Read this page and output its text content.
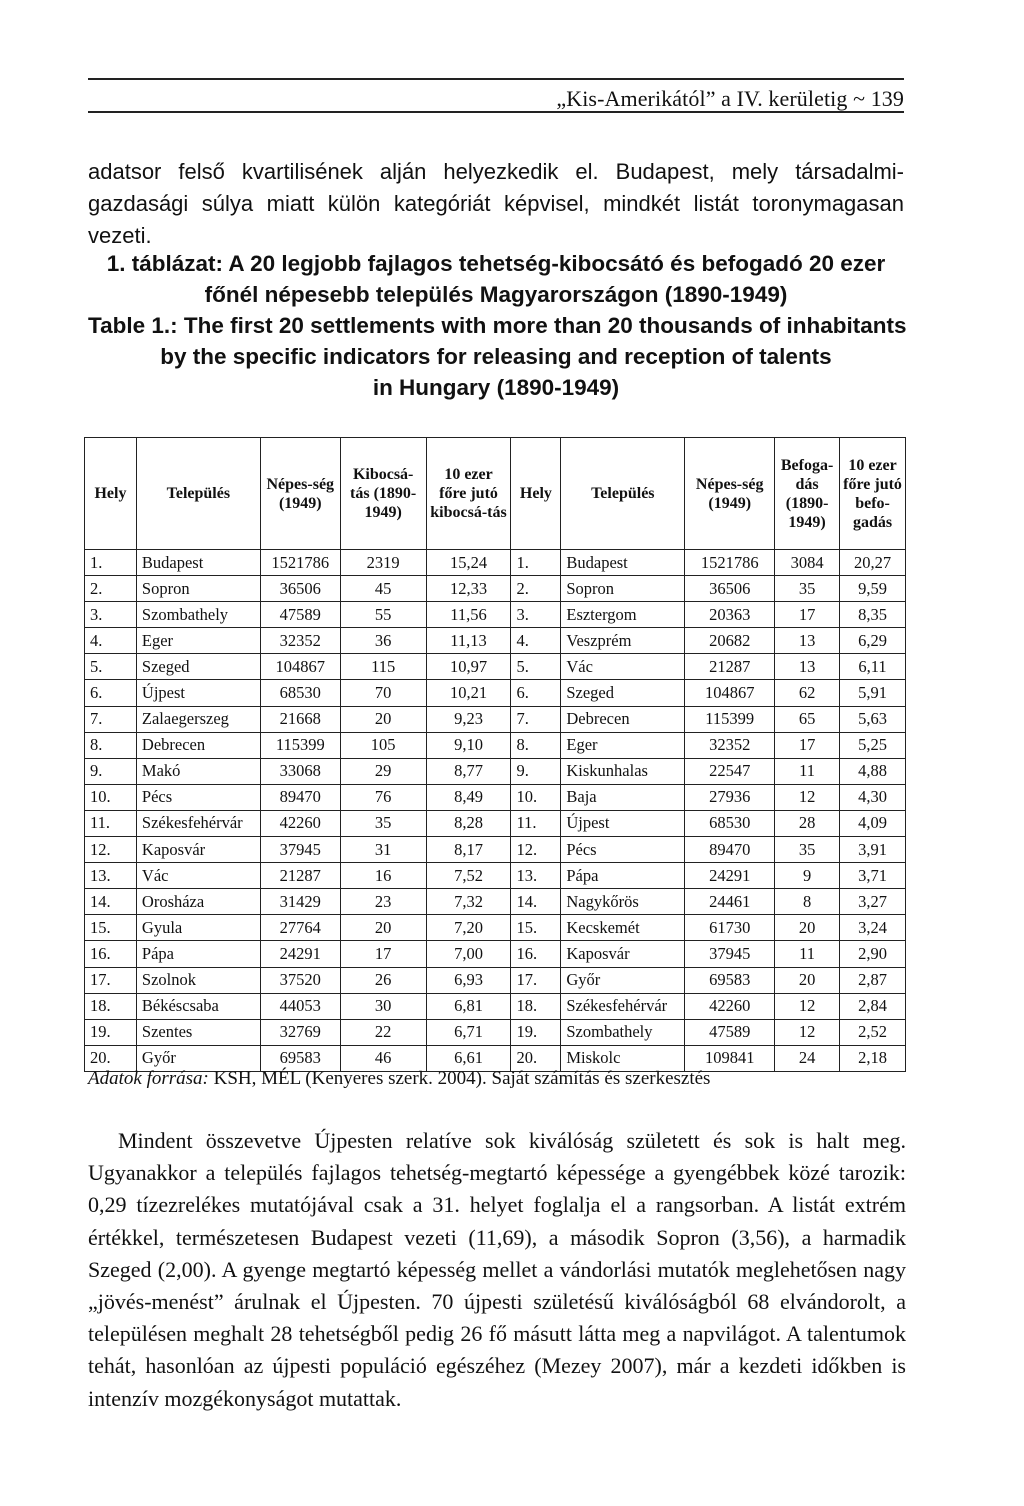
„Kis-Amerikától” a IV. kerületig ~ 139

adatsor felső kvartilisének alján helyezkedik el. Budapest, mely társadalmi-gazdasági súlya miatt külön kategóriát képvisel, mindkét listát toronymagasan vezeti.

1. táblázat: A 20 legjobb fajlagos tehetség-kibocsátó és befogadó 20 ezer
főnél népesebb település Magyarországon (1890-1949)
Table 1.: The first 20 settlements with more than 20 thousands of inhabitants
by the specific indicators for releasing and reception of talents
in Hungary (1890-1949)
Hely	Település	Népes-ség (1949)	Kibocsá-tás (1890-1949)	10 ezer főre jutó kibocsá-tás	Hely	Település	Népes-ség (1949)	Befoga-dás (1890-1949)	10 ezer főre jutó befo-gadás
1.	Budapest	1521786	2319	15,24	1.	Budapest	1521786	3084	20,27
2.	Sopron	36506	45	12,33	2.	Sopron	36506	35	9,59
3.	Szombathely	47589	55	11,56	3.	Esztergom	20363	17	8,35
4.	Eger	32352	36	11,13	4.	Veszprém	20682	13	6,29
5.	Szeged	104867	115	10,97	5.	Vác	21287	13	6,11
6.	Újpest	68530	70	10,21	6.	Szeged	104867	62	5,91
7.	Zalaegerszeg	21668	20	9,23	7.	Debrecen	115399	65	5,63
8.	Debrecen	115399	105	9,10	8.	Eger	32352	17	5,25
9.	Makó	33068	29	8,77	9.	Kiskunhalas	22547	11	4,88
10.	Pécs	89470	76	8,49	10.	Baja	27936	12	4,30
11.	Székesfehérvár	42260	35	8,28	11.	Újpest	68530	28	4,09
12.	Kaposvár	37945	31	8,17	12.	Pécs	89470	35	3,91
13.	Vác	21287	16	7,52	13.	Pápa	24291	9	3,71
14.	Orosháza	31429	23	7,32	14.	Nagykőrös	24461	8	3,27
15.	Gyula	27764	20	7,20	15.	Kecskemét	61730	20	3,24
16.	Pápa	24291	17	7,00	16.	Kaposvár	37945	11	2,90
17.	Szolnok	37520	26	6,93	17.	Győr	69583	20	2,87
18.	Békéscsaba	44053	30	6,81	18.	Székesfehérvár	42260	12	2,84
19.	Szentes	32769	22	6,71	19.	Szombathely	47589	12	2,52
20.	Győr	69583	46	6,61	20.	Miskolc	109841	24	2,18
Adatok forrása: KSH, MÉL (Kenyeres szerk. 2004). Saját számítás és szerkesztés

Mindent összevetve Újpesten relatíve sok kiválóság született és sok is halt meg. Ugyanakkor a település fajlagos tehetség-megtartó képessége a gyengébbek közé tarozik: 0,29 tízezrelékes mutatójával csak a 31. helyet foglalja el a rangsorban. A listát extrém értékkel, természetesen Budapest vezeti (11,69), a második Sopron (3,56), a harmadik Szeged (2,00). A gyenge megtartó képesség mellet a vándorlási mutatók meglehetősen nagy „jövés-menést” árulnak el Újpesten. 70 újpesti születésű kiválóságból 68 elvándorolt, a településen meghalt 28 tehetségből pedig 26 fő másutt látta meg a napvilágot. A talentumok tehát, hasonlóan az újpesti populáció egészéhez (Mezey 2007), már a kezdeti időkben is intenzív mozgékonyságot mutattak.
